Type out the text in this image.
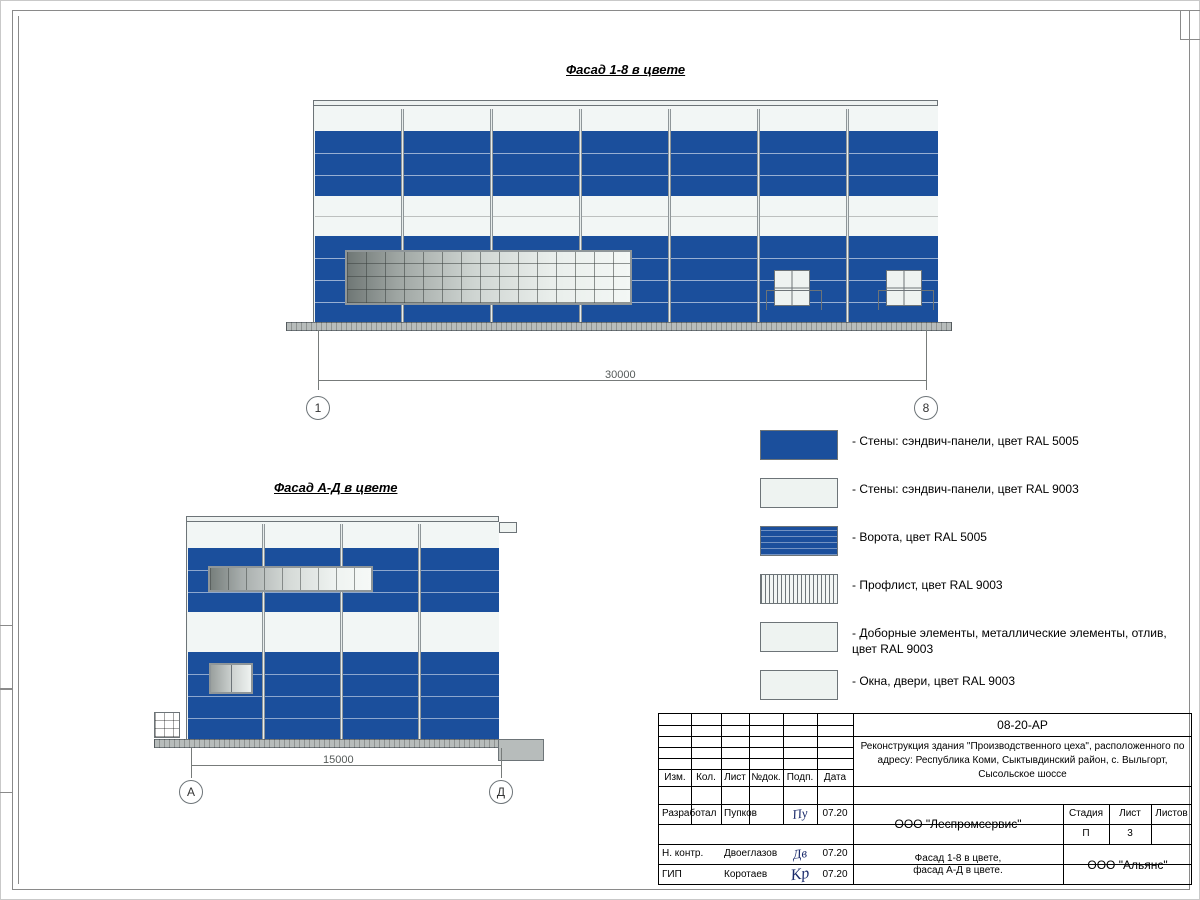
Фасад 1-8 в цвете
30000
1	8
Фасад А-Д в цвете
15000
А	Д
- Стены: сэндвич-панели, цвет RAL 5005
- Стены: сэндвич-панели, цвет RAL 9003
- Ворота, цвет RAL 5005
- Профлист, цвет RAL 9003
- Доборные элементы, металлические элементы, отлив, цвет RAL 9003
- Окна, двери, цвет RAL 9003
08-20-АР
Реконструкция здания "Производственного цеха", расположенного по адресу: Республика Коми, Сыктывдинский район, с. Выльгорт, Сысольское шоссе
Изм.	Кол. Лист №док. Подп.	Дата
Разработал Пупков	Пу	07.20
Н. контр.	Двоеглазов	Дв	07.20
ГИП	Коротаев	Кр	07.20
ООО "Леспромсервис"
Стадия	Лист	Листов
П	3
Фасад 1-8 в цвете,
фасад А-Д в цвете.	ООО "Альянс"
